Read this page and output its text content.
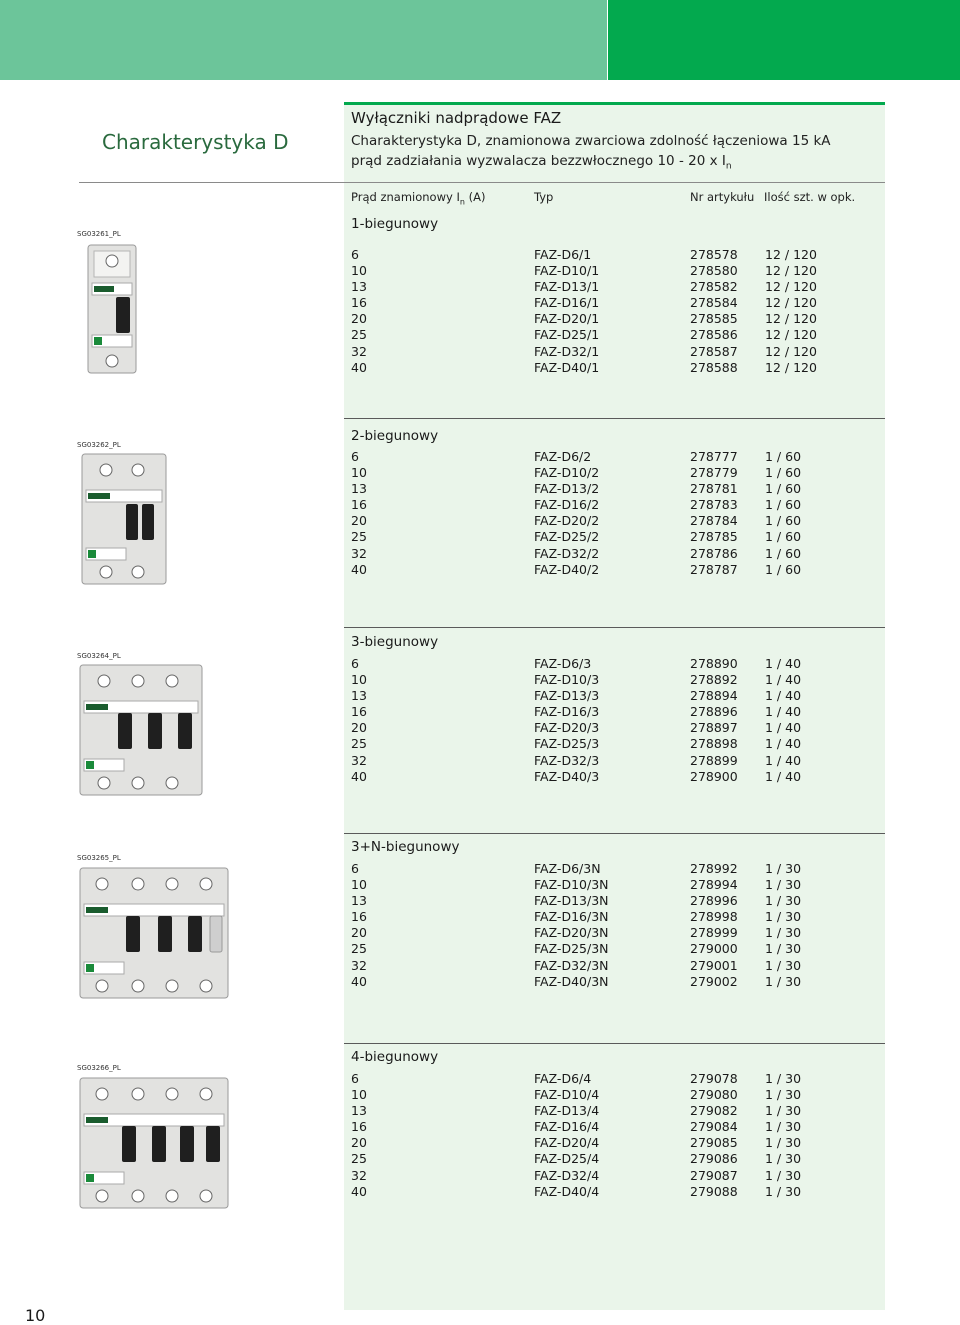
Charakterystyka D
Wyłączniki nadprądowe FAZ
Charakterystyka D, znamionowa zwarciowa zdolność łączeniowa 15 kA
prąd zadziałania wyzwalacza bezzwłocznego 10 - 20 x $I_n$
Prąd znamionowy $I_n$ (A)	Typ	Nr artykułu Ilość szt. w opk.
1-biegunowy
6	FAZ-D6/1	278578 12 / 120
10	FAZ-D10/1	278580 12 / 120
13	FAZ-D13/1	278582 12 / 120
16	FAZ-D16/1	278584 12 / 120
20	FAZ-D20/1	278585 12 / 120
25	FAZ-D25/1	278586 12 / 120
32	FAZ-D32/1	278587 12 / 120
40	FAZ-D40/1	278588 12 / 120
2-biegunowy
6	FAZ-D6/2	278777 1 / 60
10	FAZ-D10/2	278779 1 / 60
13	FAZ-D13/2	278781 1 / 60
16	FAZ-D16/2	278783 1 / 60
20	FAZ-D20/2	278784 1 / 60
25	FAZ-D25/2	278785 1 / 60
32	FAZ-D32/2	278786 1 / 60
40	FAZ-D40/2	278787 1 / 60
3-biegunowy
6	FAZ-D6/3	278890 1 / 40
10	FAZ-D10/3	278892 1 / 40
13	FAZ-D13/3	278894 1 / 40
16	FAZ-D16/3	278896 1 / 40
20	FAZ-D20/3	278897 1 / 40
25	FAZ-D25/3	278898 1 / 40
32	FAZ-D32/3	278899 1 / 40
40	FAZ-D40/3	278900 1 / 40
3+N-biegunowy
6	FAZ-D6/3N	278992 1 / 30
10	FAZ-D10/3N	278994 1 / 30
13	FAZ-D13/3N	278996 1 / 30
16	FAZ-D16/3N	278998 1 / 30
20	FAZ-D20/3N	278999 1 / 30
25	FAZ-D25/3N	279000 1 / 30
32	FAZ-D32/3N	279001 1 / 30
40	FAZ-D40/3N	279002 1 / 30
4-biegunowy
6	FAZ-D6/4	279078 1 / 30
10	FAZ-D10/4	279080 1 / 30
13	FAZ-D13/4	279082 1 / 30
16	FAZ-D16/4	279084 1 / 30
20	FAZ-D20/4	279085 1 / 30
25	FAZ-D25/4	279086 1 / 30
32	FAZ-D32/4	279087 1 / 30
40	FAZ-D40/4	279088 1 / 30
SG03261_PL
SG03262_PL
SG03264_PL
SG03265_PL
SG03266_PL
10
